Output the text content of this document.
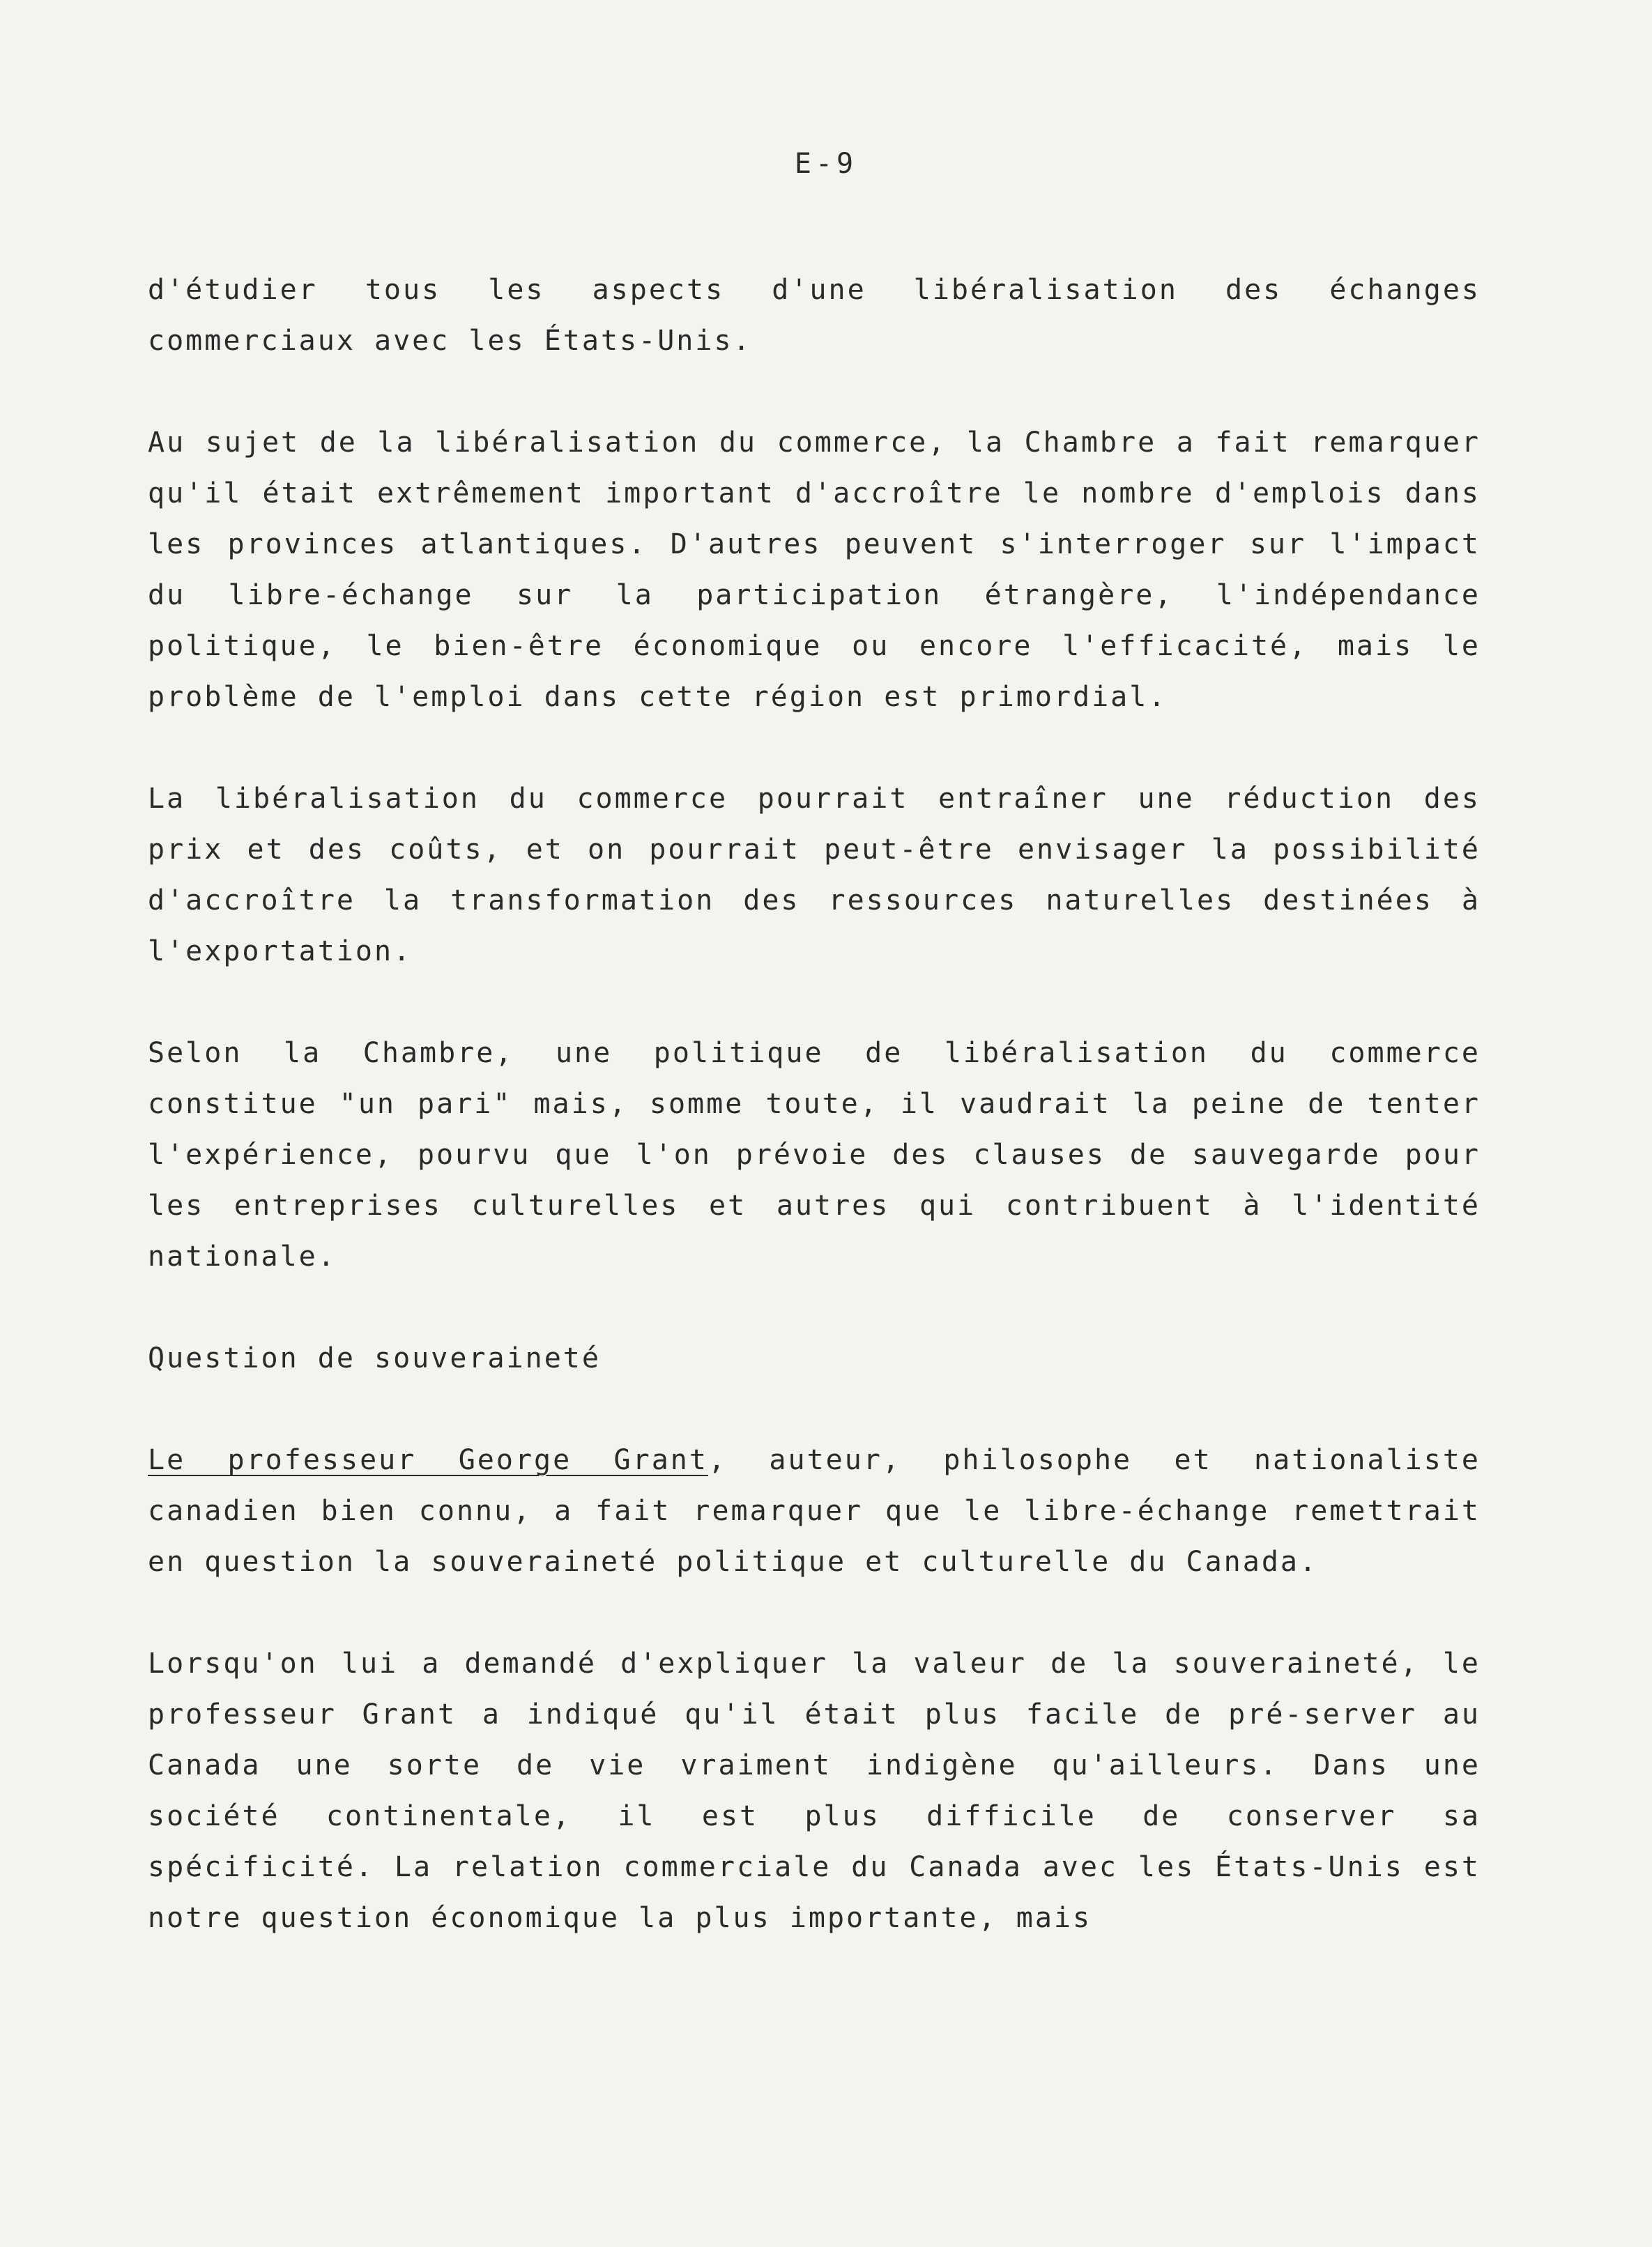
E-9

d'étudier tous les aspects d'une libéralisation des échanges commerciaux avec les États-Unis.

Au sujet de la libéralisation du commerce, la Chambre a fait remarquer qu'il était extrêmement important d'accroître le nombre d'emplois dans les provinces atlantiques. D'autres peuvent s'interroger sur l'impact du libre-échange sur la participation étrangère, l'indépendance politique, le bien-être économique ou encore l'efficacité, mais le problème de l'emploi dans cette région est primordial.

La libéralisation du commerce pourrait entraîner une réduction des prix et des coûts, et on pourrait peut-être envisager la possibilité d'accroître la transformation des ressources naturelles destinées à l'exportation.

Selon la Chambre, une politique de libéralisation du commerce constitue "un pari" mais, somme toute, il vaudrait la peine de tenter l'expérience, pourvu que l'on prévoie des clauses de sauvegarde pour les entreprises culturelles et autres qui contribuent à l'identité nationale.

Question de souveraineté

Le professeur George Grant, auteur, philosophe et nationaliste canadien bien connu, a fait remarquer que le libre-échange remettrait en question la souveraineté politique et culturelle du Canada.

Lorsqu'on lui a demandé d'expliquer la valeur de la souveraineté, le professeur Grant a indiqué qu'il était plus facile de pré-server au Canada une sorte de vie vraiment indigène qu'ailleurs. Dans une société continentale, il est plus difficile de conserver sa spécificité. La relation commerciale du Canada avec les États-Unis est notre question économique la plus importante, mais
